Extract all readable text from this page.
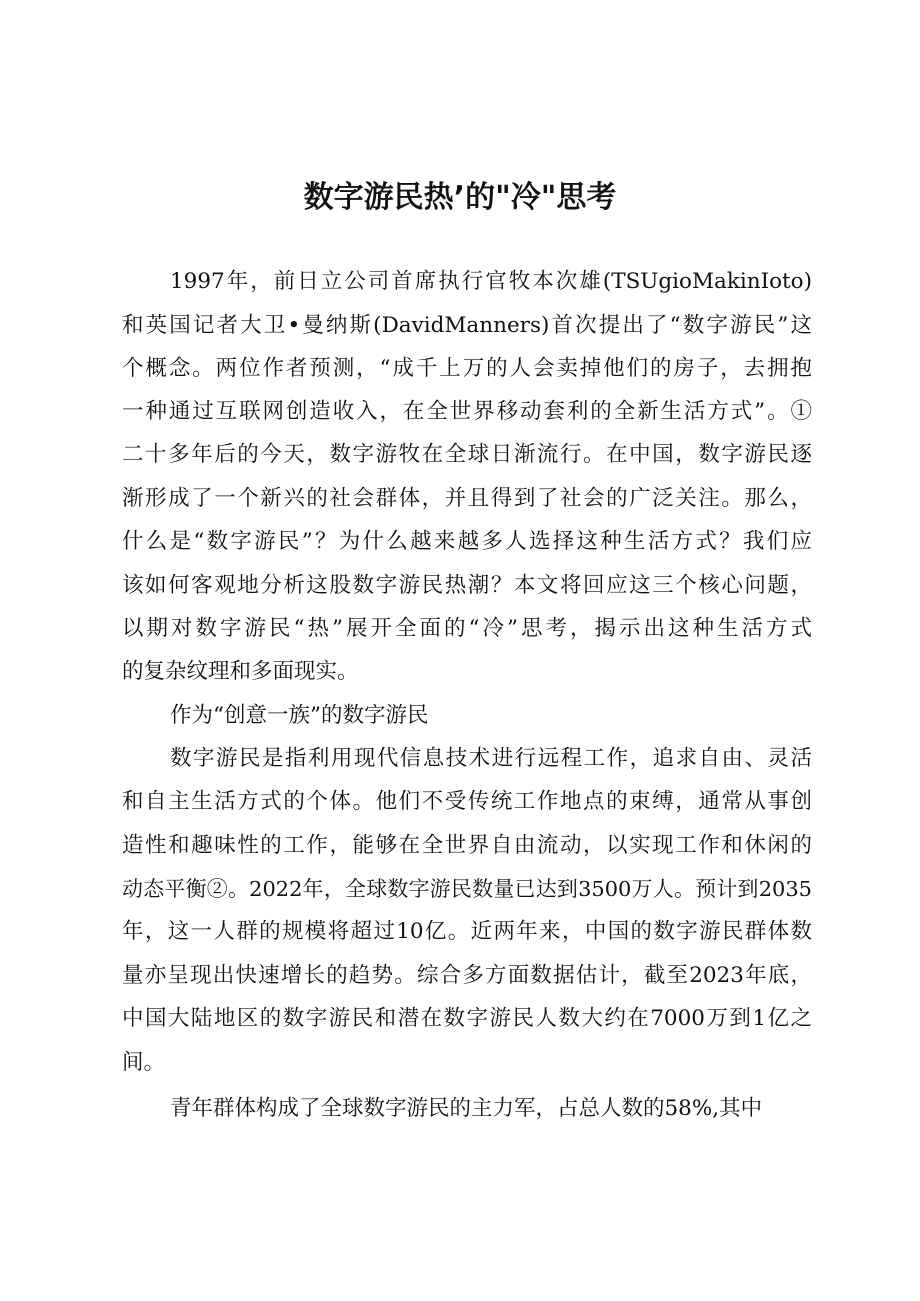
数字游民热’的"冷"思考
1997年，前日立公司首席执行官牧本次雄(TSUgioMakinIoto)
和英国记者大卫•曼纳斯(DavidManners)首次提出了“数字游民”这
个概念。两位作者预测，“成千上万的人会卖掉他们的房子，去拥抱
一种通过互联网创造收入，在全世界移动套利的全新生活方式”。①
二十多年后的今天，数字游牧在全球日渐流行。在中国，数字游民逐
渐形成了一个新兴的社会群体，并且得到了社会的广泛关注。那么，
什么是“数字游民”？为什么越来越多人选择这种生活方式？我们应
该如何客观地分析这股数字游民热潮？本文将回应这三个核心问题，
以期对数字游民“热”展开全面的“冷”思考，揭示出这种生活方式
的复杂纹理和多面现实。
作为“创意一族”的数字游民
数字游民是指利用现代信息技术进行远程工作，追求自由、灵活
和自主生活方式的个体。他们不受传统工作地点的束缚，通常从事创
造性和趣味性的工作，能够在全世界自由流动，以实现工作和休闲的
动态平衡②。2022年，全球数字游民数量已达到3500万人。预计到2035
年，这一人群的规模将超过10亿。近两年来，中国的数字游民群体数
量亦呈现出快速增长的趋势。综合多方面数据估计，截至2023年底，
中国大陆地区的数字游民和潜在数字游民人数大约在7000万到1亿之
间。
青年群体构成了全球数字游民的主力军，占总人数的58%,其中
